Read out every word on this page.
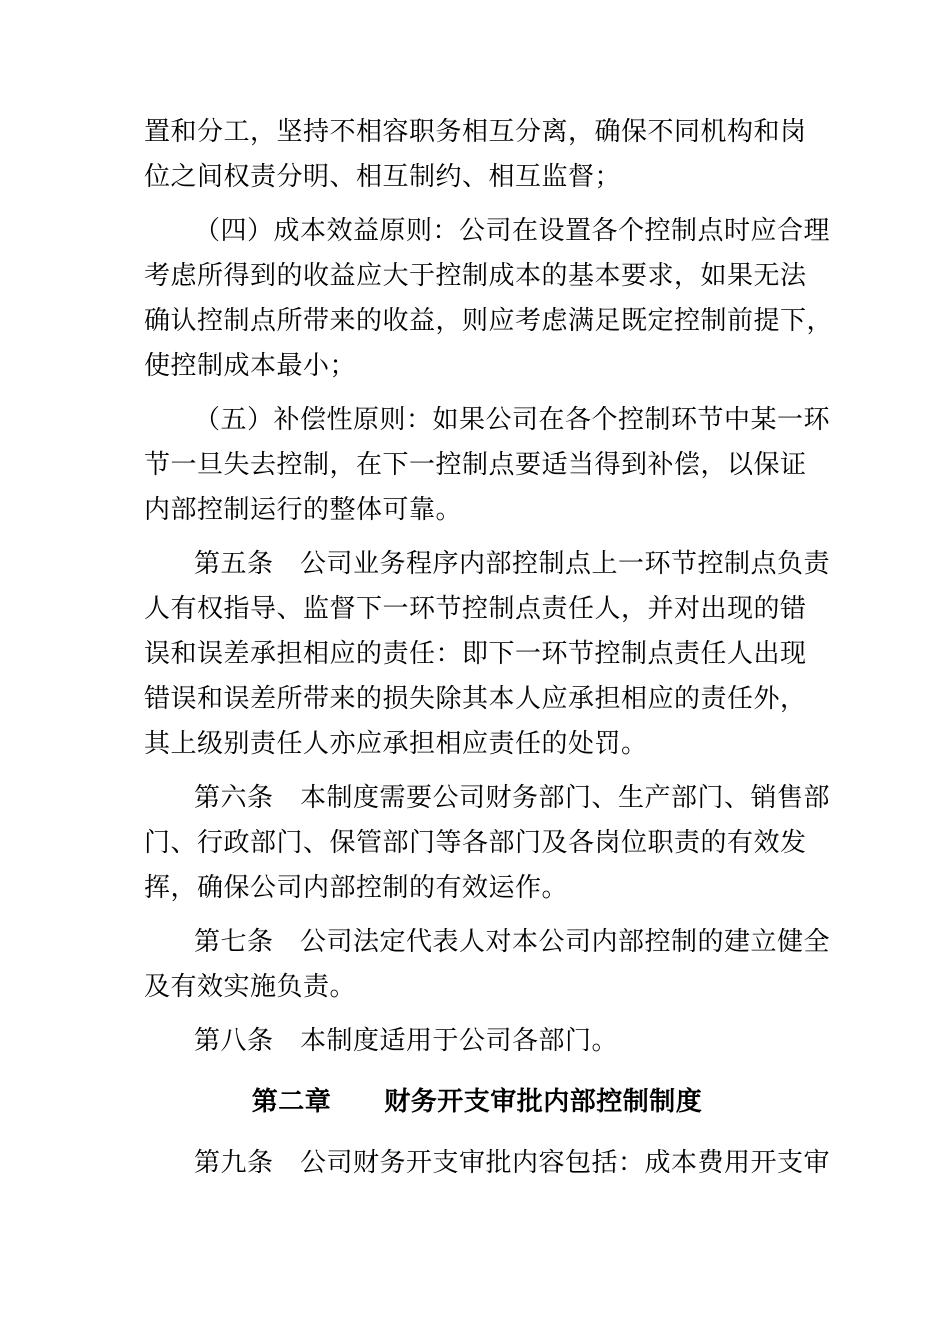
置和分工，坚持不相容职务相互分离，确保不同机构和岗
位之间权责分明、相互制约、相互监督；

（四）成本效益原则：公司在设置各个控制点时应合理
考虑所得到的收益应大于控制成本的基本要求，如果无法
确认控制点所带来的收益，则应考虑满足既定控制前提下，
使控制成本最小；

（五）补偿性原则：如果公司在各个控制环节中某一环
节一旦失去控制，在下一控制点要适当得到补偿，以保证
内部控制运行的整体可靠。

第五条　公司业务程序内部控制点上一环节控制点负责
人有权指导、监督下一环节控制点责任人，并对出现的错
误和误差承担相应的责任：即下一环节控制点责任人出现
错误和误差所带来的损失除其本人应承担相应的责任外，
其上级别责任人亦应承担相应责任的处罚。

第六条　本制度需要公司财务部门、生产部门、销售部
门、行政部门、保管部门等各部门及各岗位职责的有效发
挥，确保公司内部控制的有效运作。

第七条　公司法定代表人对本公司内部控制的建立健全
及有效实施负责。

第八条　本制度适用于公司各部门。

第二章　　财务开支审批内部控制制度

第九条　公司财务开支审批内容包括：成本费用开支审
